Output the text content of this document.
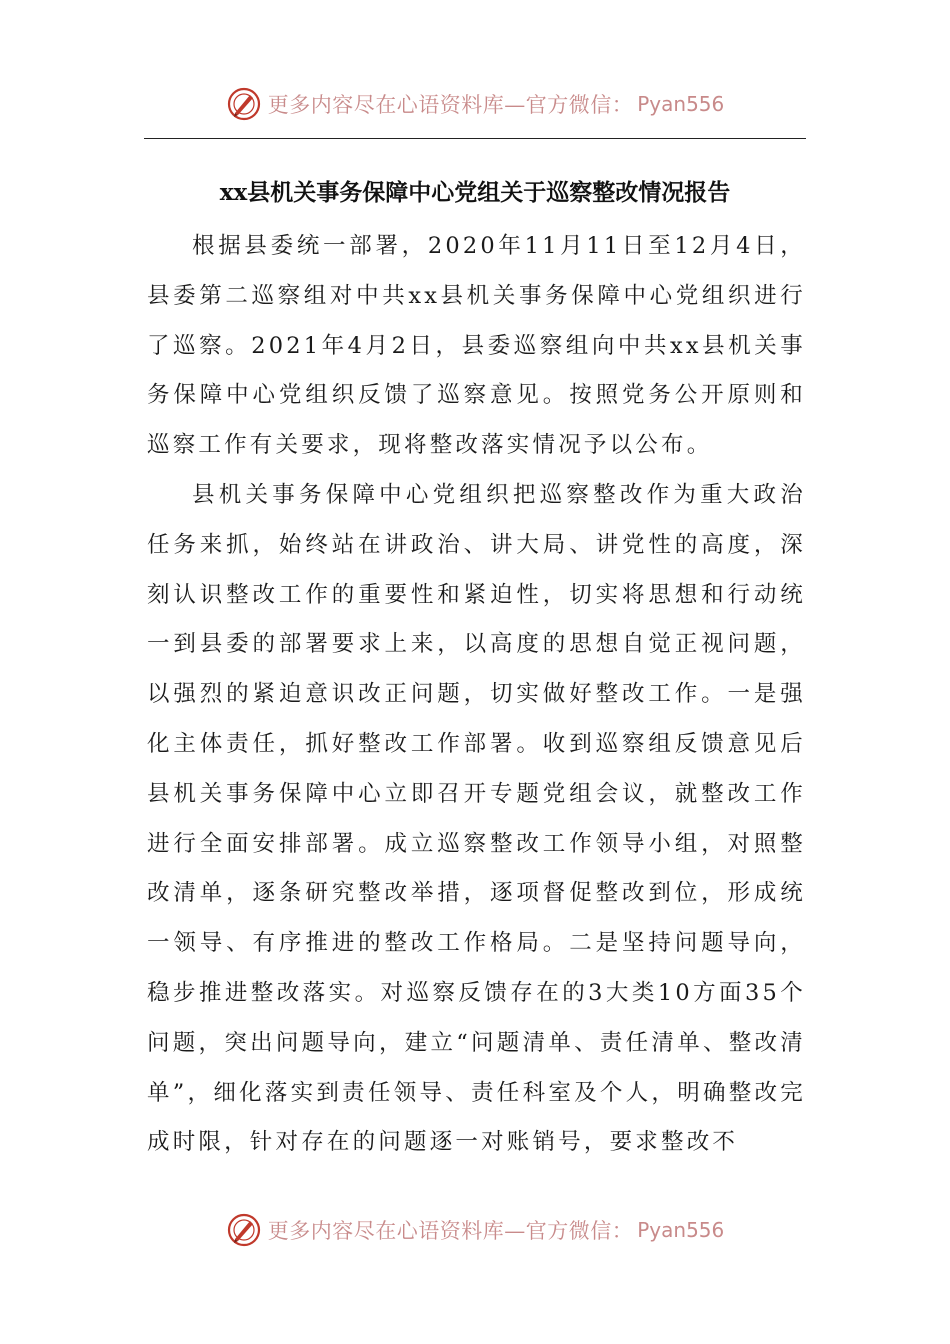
更多内容尽在心语资料库—官方微信： Pyan556
xx县机关事务保障中心党组关于巡察整改情况报告

根据县委统一部署，2020年11月11日至12月4日，县委第二巡察组对中共xx县机关事务保障中心党组织进行了巡察。2021年4月2日，县委巡察组向中共xx县机关事务保障中心党组织反馈了巡察意见。按照党务公开原则和巡察工作有关要求，现将整改落实情况予以公布。

县机关事务保障中心党组织把巡察整改作为重大政治任务来抓，始终站在讲政治、讲大局、讲党性的高度，深刻认识整改工作的重要性和紧迫性，切实将思想和行动统一到县委的部署要求上来，以高度的思想自觉正视问题，以强烈的紧迫意识改正问题，切实做好整改工作。一是强化主体责任，抓好整改工作部署。收到巡察组反馈意见后县机关事务保障中心立即召开专题党组会议，就整改工作进行全面安排部署。成立巡察整改工作领导小组，对照整改清单，逐条研究整改举措，逐项督促整改到位，形成统一领导、有序推进的整改工作格局。二是坚持问题导向，稳步推进整改落实。对巡察反馈存在的3大类10方面35个问题，突出问题导向，建立“问题清单、责任清单、整改清单”，细化落实到责任领导、责任科室及个人，明确整改完成时限，针对存在的问题逐一对账销号，要求整改不

更多内容尽在心语资料库—官方微信： Pyan556
